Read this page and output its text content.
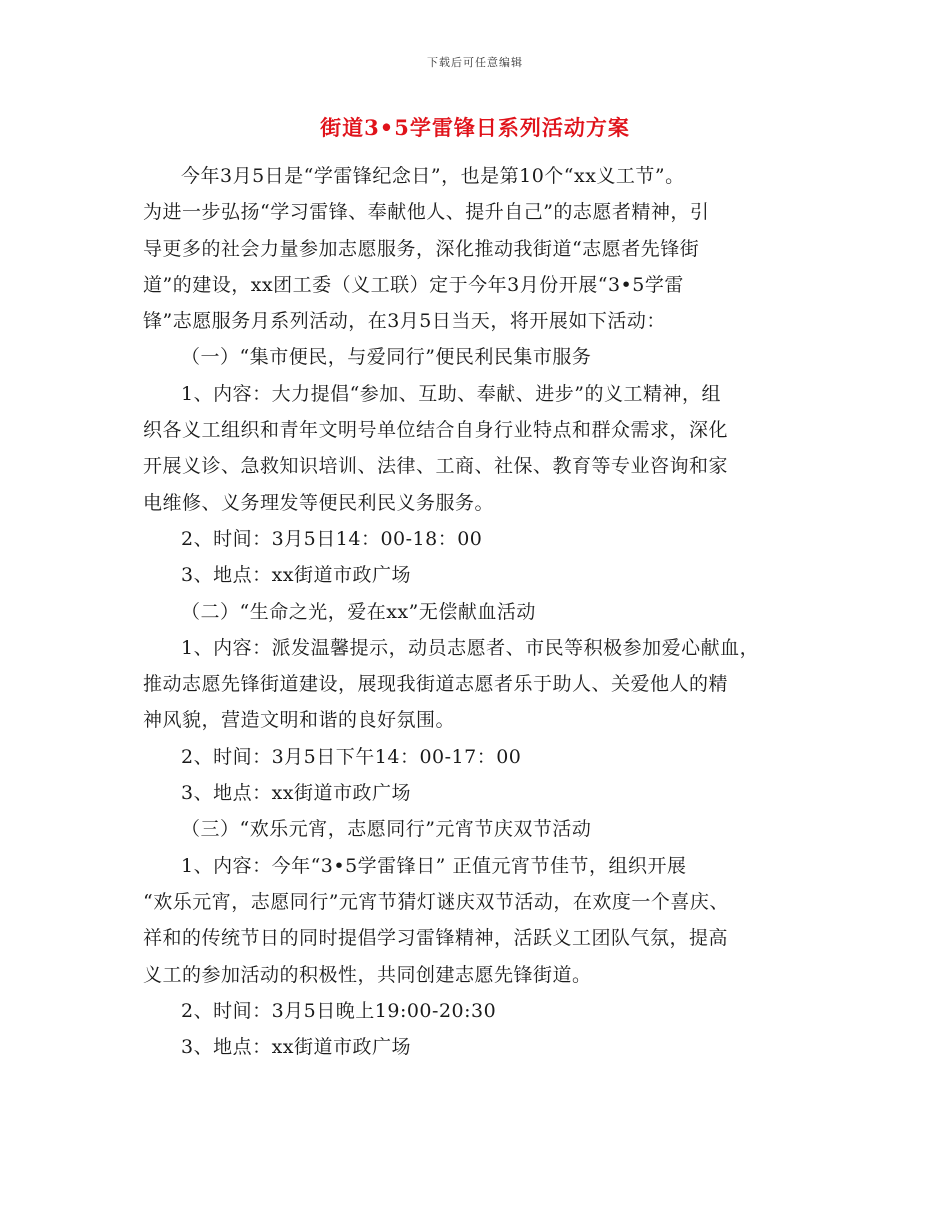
下载后可任意编辑
街道3•5学雷锋日系列活动方案

今年3月5日是“学雷锋纪念日”，也是第10个“xx义工节”。
为进一步弘扬“学习雷锋、奉献他人、提升自己”的志愿者精神，引
导更多的社会力量参加志愿服务，深化推动我街道“志愿者先锋街
道”的建设，xx团工委（义工联）定于今年3月份开展“3•5学雷
锋”志愿服务月系列活动，在3月5日当天，将开展如下活动：

（一）“集市便民，与爱同行”便民利民集市服务

1、内容：大力提倡“参加、互助、奉献、进步”的义工精神，组
织各义工组织和青年文明号单位结合自身行业特点和群众需求，深化
开展义诊、急救知识培训、法律、工商、社保、教育等专业咨询和家
电维修、义务理发等便民利民义务服务。

2、时间：3月5日14：00-18：00

3、地点：xx街道市政广场

（二）“生命之光，爱在xx”无偿献血活动

1、内容：派发温馨提示，动员志愿者、市民等积极参加爱心献血，
推动志愿先锋街道建设，展现我街道志愿者乐于助人、关爱他人的精
神风貌，营造文明和谐的良好氛围。

2、时间：3月5日下午14：00-17：00

3、地点：xx街道市政广场

（三）“欢乐元宵，志愿同行”元宵节庆双节活动

1、内容：今年“3•5学雷锋日” 正值元宵节佳节，组织开展
“欢乐元宵，志愿同行”元宵节猜灯谜庆双节活动，在欢度一个喜庆、
祥和的传统节日的同时提倡学习雷锋精神，活跃义工团队气氛，提高
义工的参加活动的积极性，共同创建志愿先锋街道。

2、时间：3月5日晚上19:00-20:30

3、地点：xx街道市政广场
